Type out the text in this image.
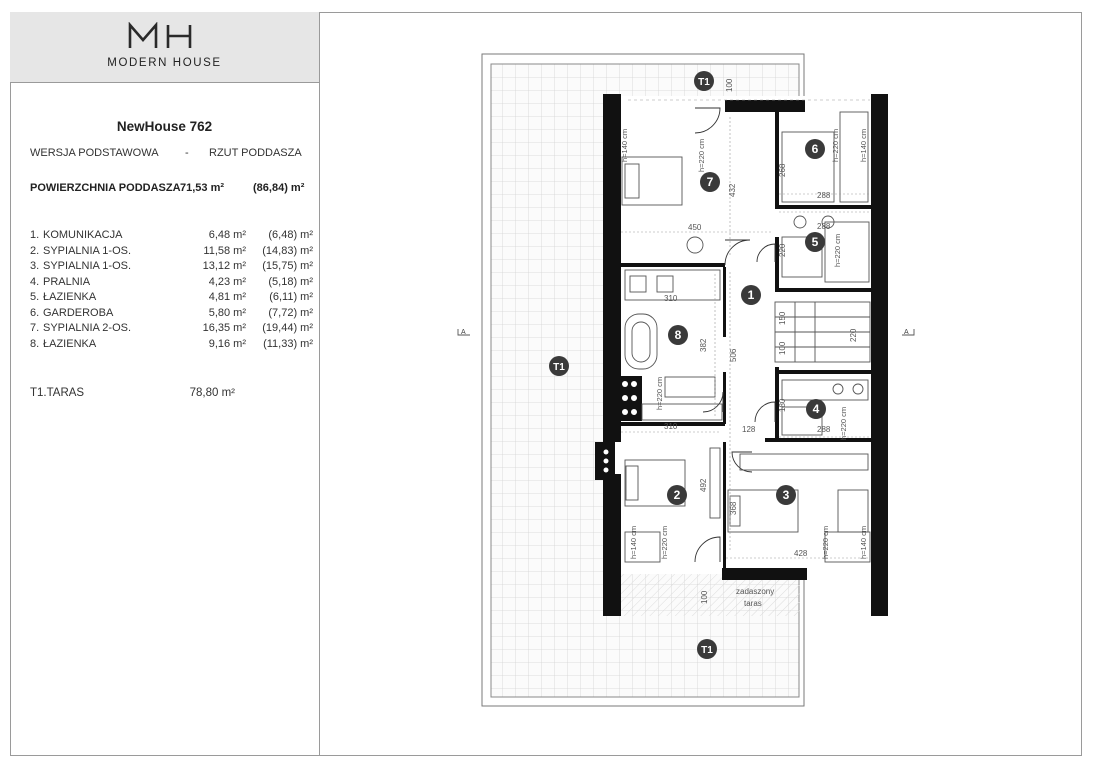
MODERN HOUSE
NewHouse 762
WERSJA PODSTAWOWA - RZUT PODDASZA
POWIERZCHNIA PODDASZA 71,53 m²	(86,84) m²
1. KOMUNIKACJA	6,48 m² (6,48) m²
2. SYPIALNIA 1-OS.	11,58 m² (14,83) m²
3. SYPIALNIA 1-OS.	13,12 m² (15,75) m²
4. PRALNIA	4,23 m² (5,18) m²
5. ŁAZIENKA	4,81 m² (6,11) m²
6. GARDEROBA	5,80 m² (7,72) m²
7. SYPIALNIA 2-OS.	16,35 m² (19,44) m²
8. ŁAZIENKA	9,16 m² (11,33) m²
T1.TARAS	78,80 m²
A	A
100
450
432
268
288
288
220
310
382
506
220
150
100
180
310	128	288
492
368
428
100
h=140 cm	h=220 cm	h=220 cm	h=140 cm
h=220 cm
h=220 cm
h=220 cm
h=140 cm	h=220 cm	h=220 cm	h=140 cm
zadaszony
taras
1
2	3
4
5
6
7
8
T1
T1
T1
